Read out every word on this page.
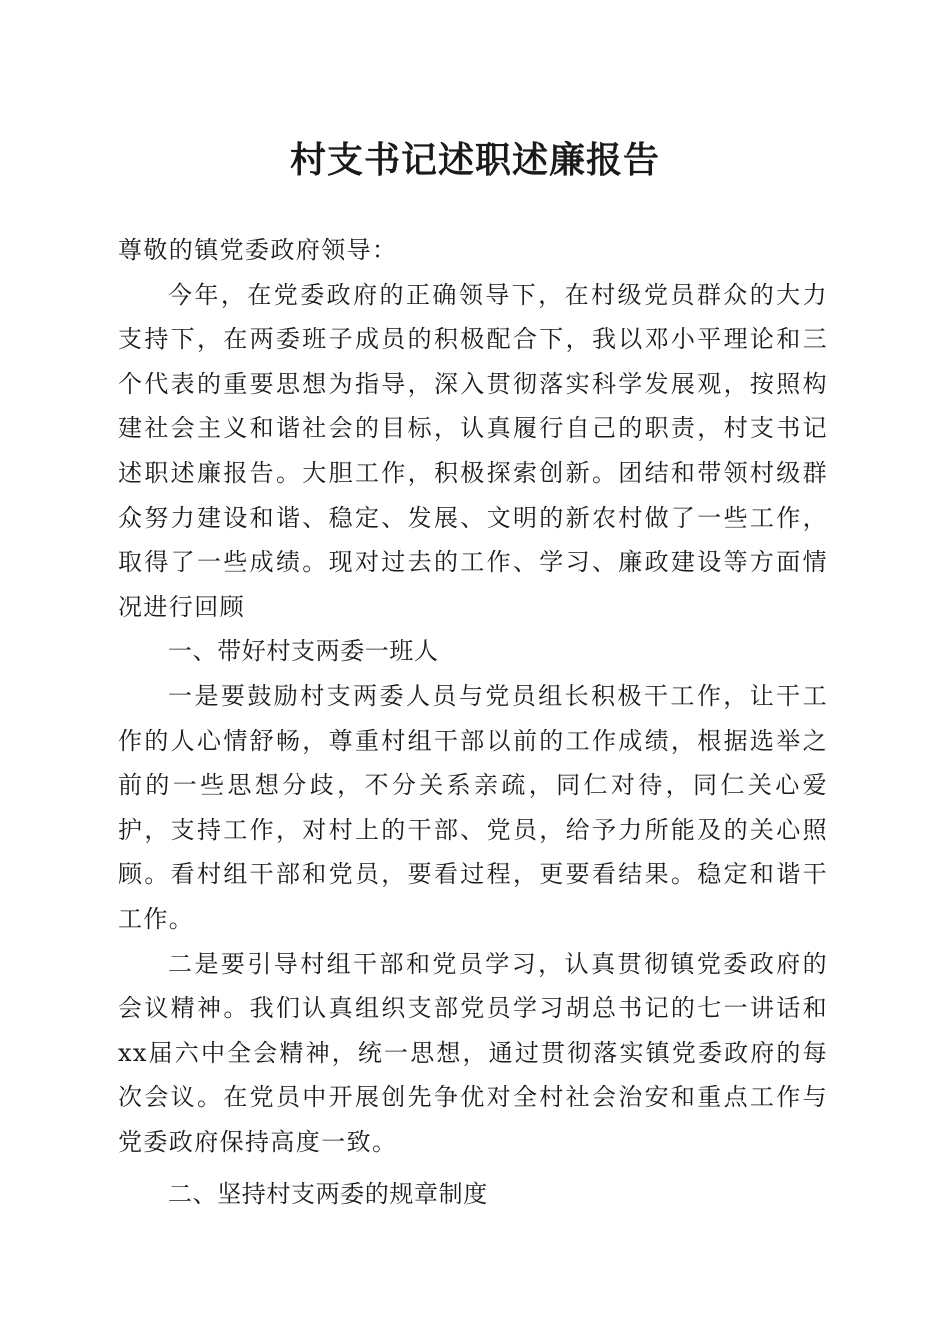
村支书记述职述廉报告

尊敬的镇党委政府领导：

今年，在党委政府的正确领导下，在村级党员群众的大力支持下，在两委班子成员的积极配合下，我以邓小平理论和三个代表的重要思想为指导，深入贯彻落实科学发展观，按照构建社会主义和谐社会的目标，认真履行自己的职责，村支书记述职述廉报告。大胆工作，积极探索创新。团结和带领村级群众努力建设和谐、稳定、发展、文明的新农村做了一些工作，取得了一些成绩。现对过去的工作、学习、廉政建设等方面情况进行回顾

一、带好村支两委一班人

一是要鼓励村支两委人员与党员组长积极干工作，让干工作的人心情舒畅，尊重村组干部以前的工作成绩，根据选举之前的一些思想分歧，不分关系亲疏，同仁对待，同仁关心爱护，支持工作，对村上的干部、党员，给予力所能及的关心照顾。看村组干部和党员，要看过程，更要看结果。稳定和谐干工作。

二是要引导村组干部和党员学习，认真贯彻镇党委政府的会议精神。我们认真组织支部党员学习胡总书记的七一讲话和xx届六中全会精神，统一思想，通过贯彻落实镇党委政府的每次会议。在党员中开展创先争优对全村社会治安和重点工作与党委政府保持高度一致。

二、坚持村支两委的规章制度
